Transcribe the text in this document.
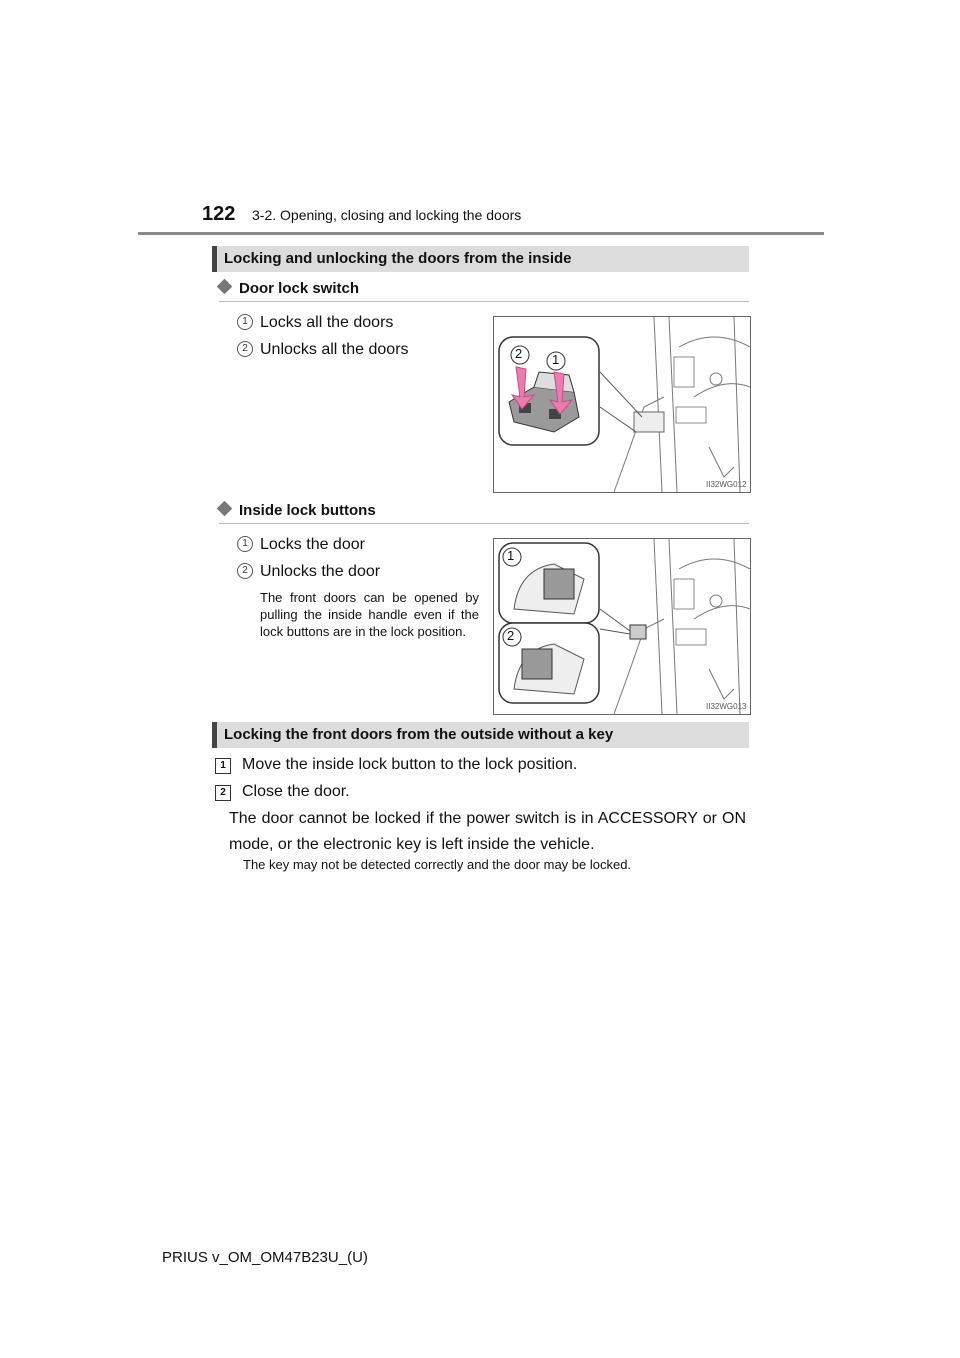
122 3-2. Opening, closing and locking the doors
Locking and unlocking the doors from the inside
Door lock switch
1 Locks all the doors
2 Unlocks all the doors	2 1
II32WG012
Inside lock buttons
1 Locks the door
2 Unlocks the door
The front doors can be opened by pulling the inside handle even if the lock buttons are in the lock position.
1
2
II32WG013
Locking the front doors from the outside without a key
1	Move the inside lock button to the lock position.
2	Close the door.
The door cannot be locked if the power switch is in ACCESSORY or ON mode, or the electronic key is left inside the vehicle.
The key may not be detected correctly and the door may be locked.
PRIUS v_OM_OM47B23U_(U)
